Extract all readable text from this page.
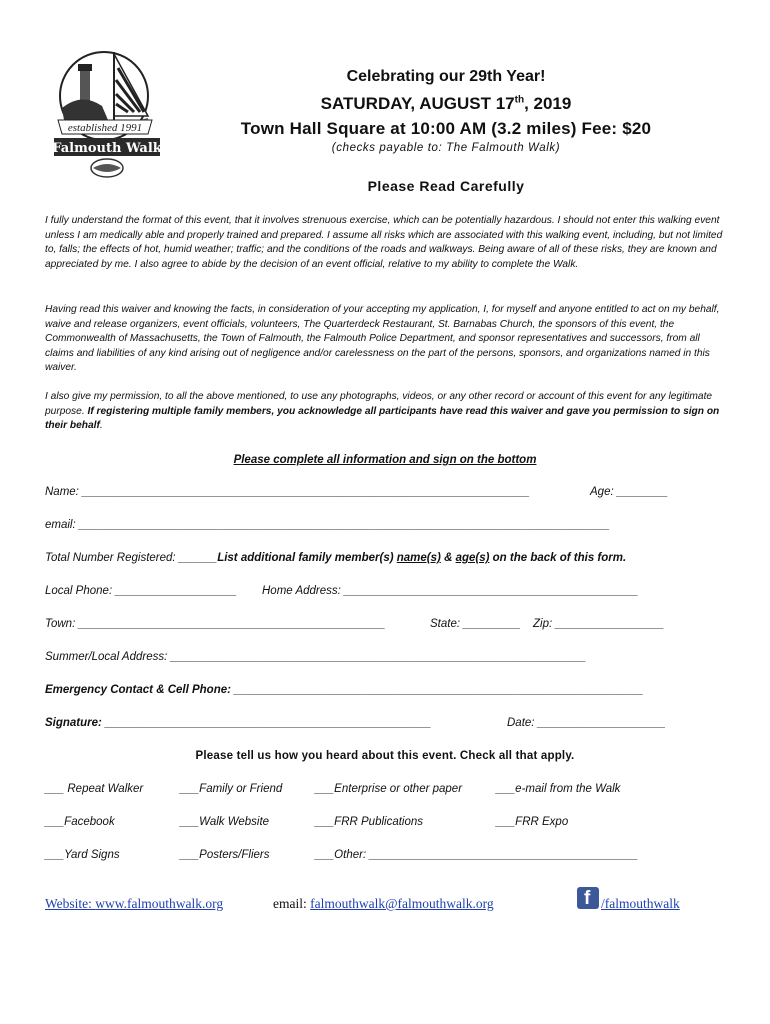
established 1991
Falmouth Walk
Celebrating our 29th Year!
SATURDAY, AUGUST 17th, 2019
Town Hall Square at 10:00 AM (3.2 miles) Fee: $20
(checks payable to: The Falmouth Walk)
Please Read Carefully
I fully understand the format of this event, that it involves strenuous exercise, which can be potentially hazardous. I should not enter this walking event unless I am medically able and properly trained and prepared. I assume all risks which are associated with this walking event, including, but not limited to, falls; the effects of hot, humid weather; traffic; and the conditions of the roads and walkways. Being aware of all of these risks, they are known and appreciated by me. I also agree to abide by the decision of an event official, relative to my ability to complete the Walk.
Having read this waiver and knowing the facts, in consideration of your accepting my application, I, for myself and anyone entitled to act on my behalf, waive and release organizers, event officials, volunteers, The Quarterdeck Restaurant, St. Barnabas Church, the sponsors of this event, the Commonwealth of Massachusetts, the Town of Falmouth, the Falmouth Police Department, and sponsor representatives and successors, from all claims and liabilities of any kind arising out of negligence and/or carelessness on the part of the persons, sponsors, and organizations named in this waiver.
I also give my permission, to all the above mentioned, to use any photographs, videos, or any other record or account of this event for any legitimate purpose. If registering multiple family members, you acknowledge all participants have read this waiver and gave you permission to sign on their behalf.
Please complete all information and sign on the bottom
Name: ______________________________________________________________________	Age: ________
email: ___________________________________________________________________________________
Total Number Registered: ______List additional family member(s) name(s) & age(s) on the back of this form.
Local Phone: ___________________ Home Address: ______________________________________________
Town: ________________________________________________	State: _________ Zip: _________________
Summer/Local Address: _________________________________________________________________
Emergency Contact & Cell Phone: ________________________________________________________________
Signature: ___________________________________________________	Date: ____________________
Please tell us how you heard about this event. Check all that apply.
___ Repeat Walker	___Family or Friend	___Enterprise or other paper	___e-mail from the Walk
___Facebook	___Walk Website	___FRR Publications	___FRR Expo
___Yard Signs	___Posters/Fliers	___Other: __________________________________________
Website: www.falmouthwalk.org	email: falmouthwalk@falmouthwalk.org	f /falmouthwalk
